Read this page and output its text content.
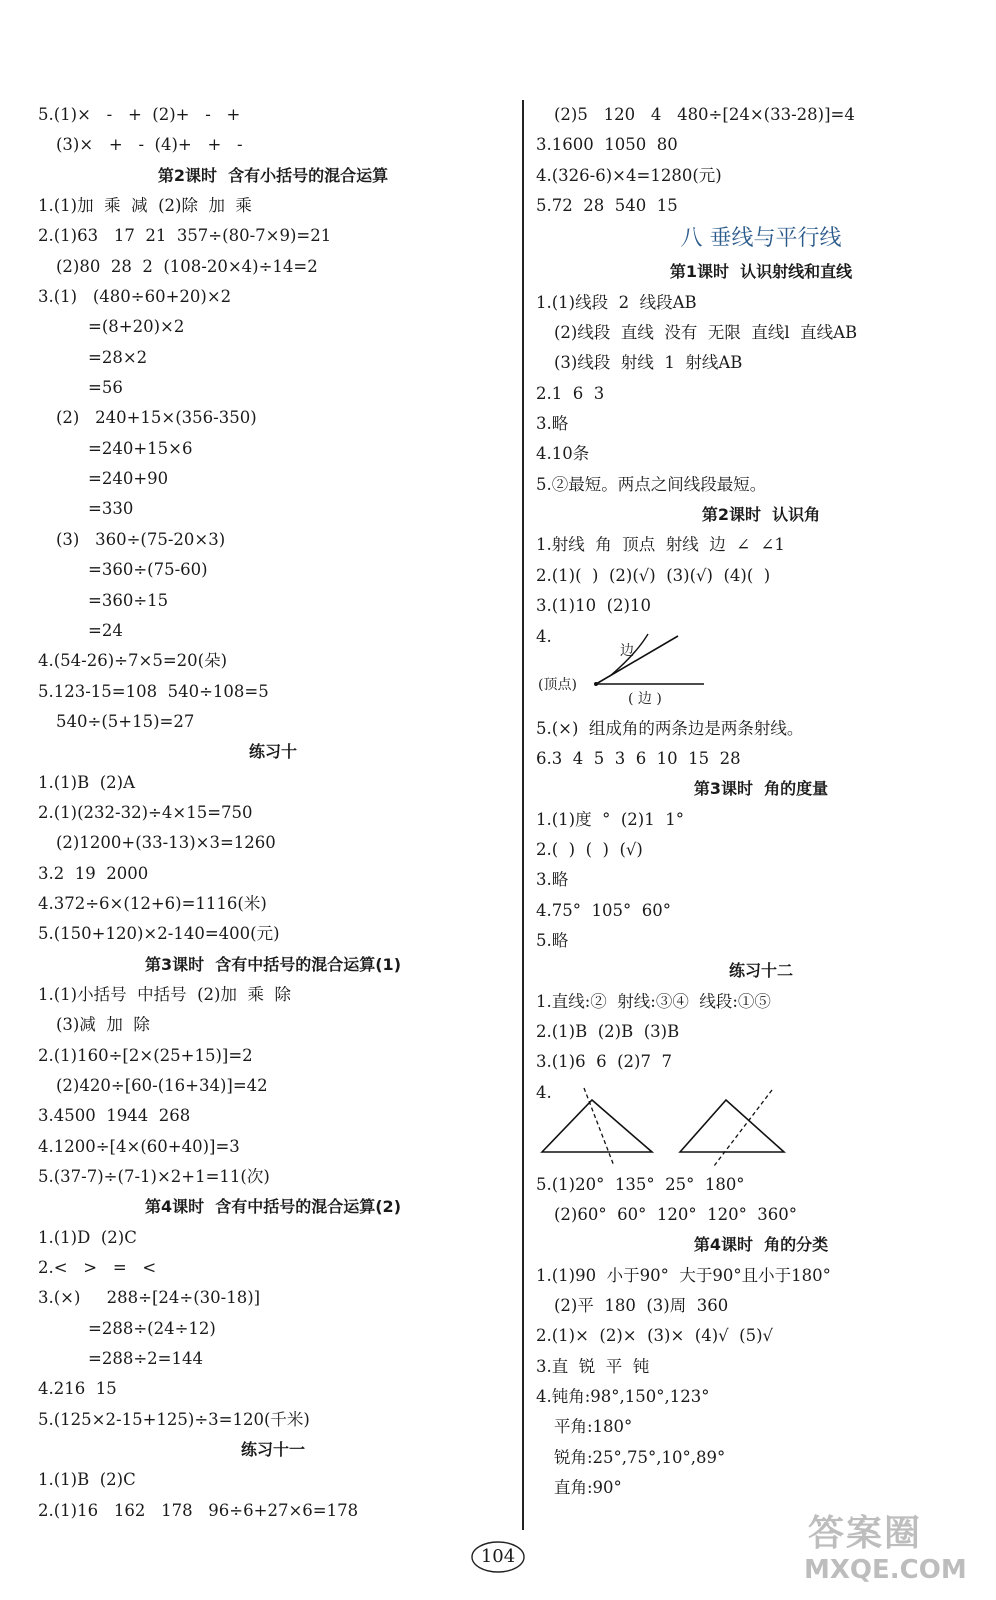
5.(1)×   -   +  (2)+   -   +
(3)×   +   -  (4)+   +   -
第2课时  含有小括号的混合运算
1.(1)加  乘  减  (2)除  加  乘
2.(1)63   17  21  357÷(80-7×9)=21
(2)80  28  2  (108-20×4)÷14=2
3.(1)   (480÷60+20)×2
=(8+20)×2
=28×2
=56
(2)   240+15×(356-350)
=240+15×6
=240+90
=330
(3)   360÷(75-20×3)
=360÷(75-60)
=360÷15
=24
4.(54-26)÷7×5=20(朵)
5.123-15=108  540÷108=5
540÷(5+15)=27
练习十
1.(1)B  (2)A
2.(1)(232-32)÷4×15=750
(2)1200+(33-13)×3=1260
3.2  19  2000
4.372÷6×(12+6)=1116(米)
5.(150+120)×2-140=400(元)
第3课时  含有中括号的混合运算(1)
1.(1)小括号  中括号  (2)加  乘  除
(3)减  加  除
2.(1)160÷[2×(25+15)]=2
(2)420÷[60-(16+34)]=42
3.4500  1944  268
4.1200÷[4×(60+40)]=3
5.(37-7)÷(7-1)×2+1=11(次)
第4课时  含有中括号的混合运算(2)
1.(1)D  (2)C
2.<   >   =   <
3.(×)     288÷[24÷(30-18)]
=288÷(24÷12)
=288÷2=144
4.216  15
5.(125×2-15+125)÷3=120(千米)
练习十一
1.(1)B  (2)C
2.(1)16   162   178   96÷6+27×6=178
(2)5   120   4   480÷[24×(33-28)]=4
3.1600  1050  80
4.(326-6)×4=1280(元)
5.72  28  540  15
八 垂线与平行线
第1课时  认识射线和直线
1.(1)线段  2  线段AB
(2)线段  直线  没有  无限  直线l  直线AB
(3)线段  射线  1  射线AB
2.1  6  3
3.略
4.10条
5.②最短。两点之间线段最短。
第2课时  认识角
1.射线  角  顶点  射线  边  ∠  ∠1
2.(1)(  )  (2)(√)  (3)(√)  (4)(  )
3.(1)10  (2)10
4.
边
(顶点)
( 边 )
5.(×)  组成角的两条边是两条射线。
6.3  4  5  3  6  10  15  28
第3课时  角的度量
1.(1)度  °  (2)1  1°
2.(  )  (  )  (√)
3.略
4.75°  105°  60°
5.略
练习十二
1.直线:②  射线:③④  线段:①⑤
2.(1)B  (2)B  (3)B
3.(1)6  6  (2)7  7
4.
5.(1)20°  135°  25°  180°
(2)60°  60°  120°  120°  360°
第4课时  角的分类
1.(1)90  小于90°  大于90°且小于180°
(2)平  180  (3)周  360
2.(1)×  (2)×  (3)×  (4)√  (5)√
3.直  锐  平  钝
4.钝角:98°,150°,123°
平角:180°
锐角:25°,75°,10°,89°
直角:90°
104
答案圈
MXQE.COM
